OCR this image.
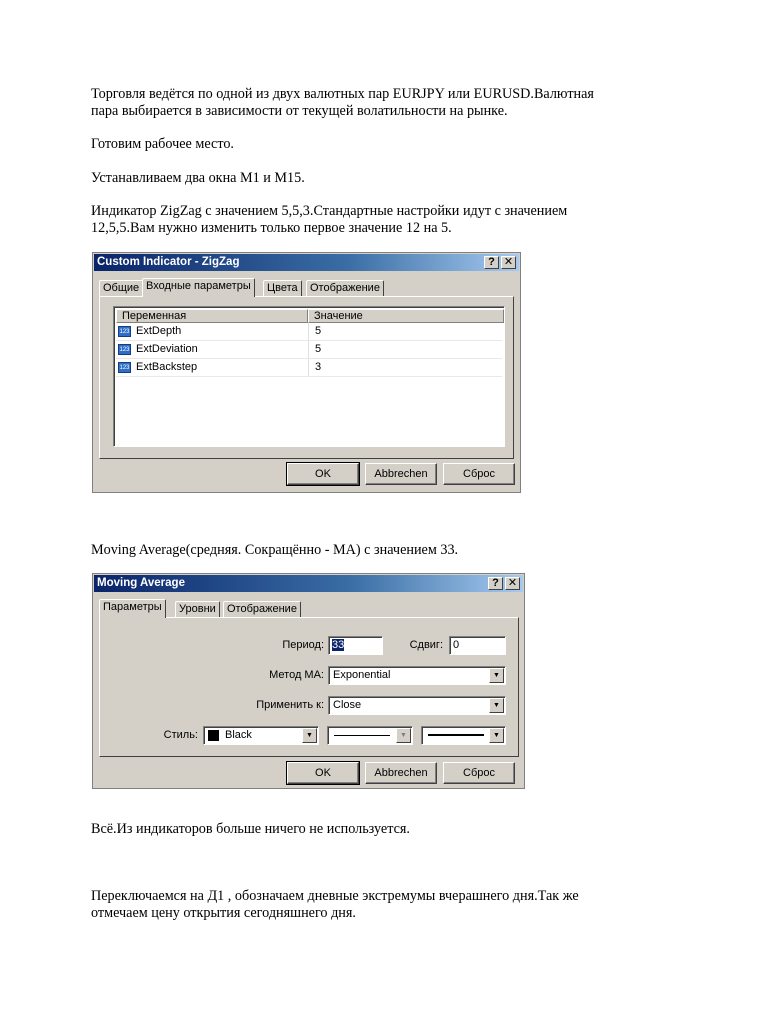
Торговля ведётся по одной из двух валютных пар EURJPY или EURUSD.Валютная
пара выбирается в зависимости от текущей волатильности на рынке.
Готовим рабочее место.
Устанавливаем два окна M1 и M15.
Индикатор ZigZag с значением 5,5,3.Стандартные настройки идут с значением
12,5,5.Вам нужно изменить только первое значение 12 на 5.
Custom Indicator - ZigZag	? ✕
Общие Входные параметры	Цвета	Отображение
Переменная	Значение
123 ExtDepth	5
123 ExtDeviation	5
123 ExtBackstep	3
OK	Abbrechen	Сброс
Moving Average(средняя. Сокращённо - MA) с значением 33.
Moving Average	? ✕
Параметры	Уровни	Отображение
Период: 33	Сдвиг: 0
Метод MA: Exponential	▼
Применить к: Close	▼
Стиль: Black	▼	▼	▼
OK	Abbrechen	Сброс
Всё.Из индикаторов больше ничего не используется.
Переключаемся на Д1 , обозначаем дневные экстремумы вчерашнего дня.Так же
отмечаем цену открытия сегодняшнего дня.
